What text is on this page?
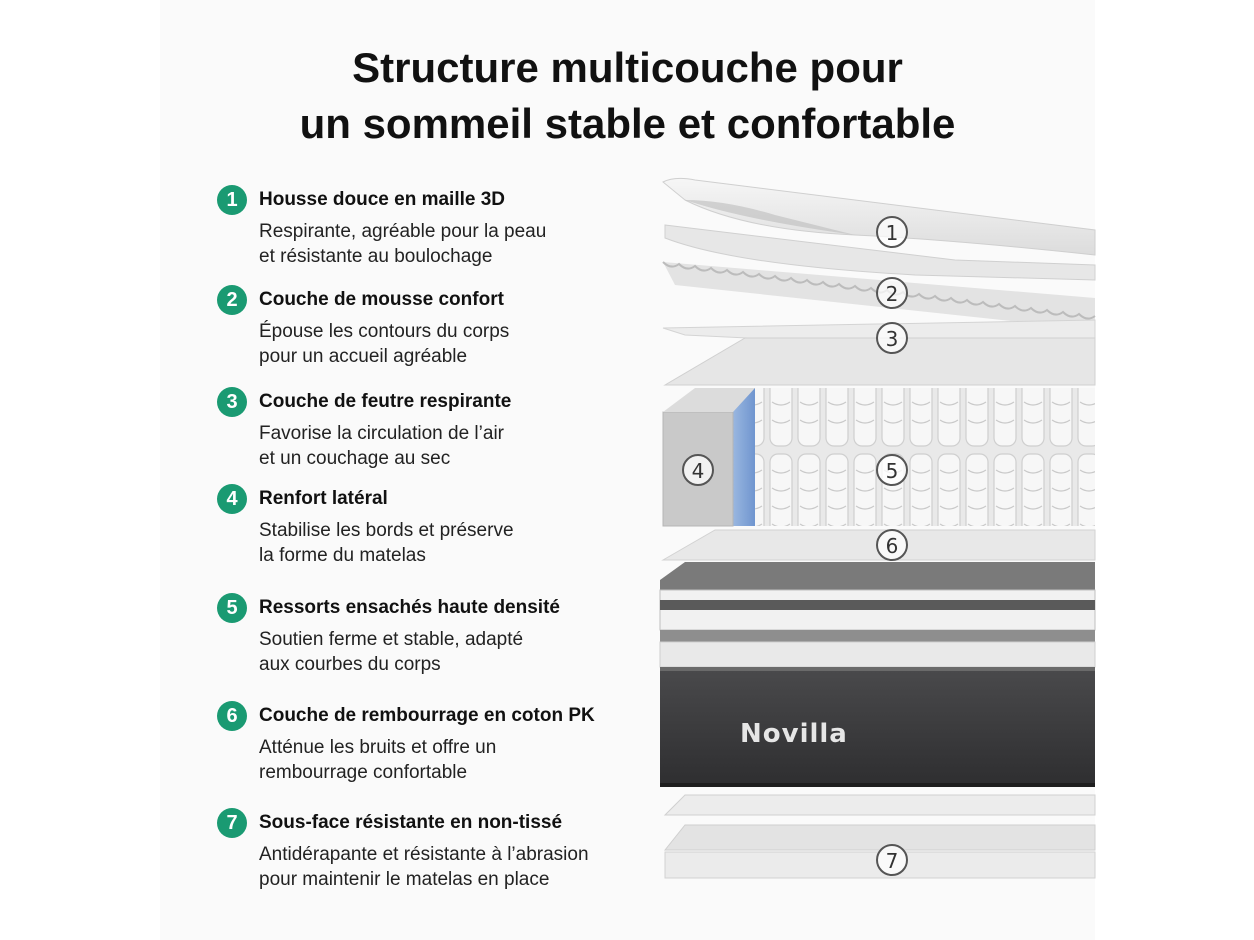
Structure multicouche pour
un sommeil stable et confortable
1	Housse douce en maille 3D
Respirante, agréable pour la peau
et résistante au boulochage
2	Couche de mousse confort
Épouse les contours du corps
pour un accueil agréable
3	Couche de feutre respirante
Favorise la circulation de l’air
et un couchage au sec
4	Renfort latéral
Stabilise les bords et préserve
la forme du matelas
5	Ressorts ensachés haute densité
Soutien ferme et stable, adapté
aux courbes du corps
6	Couche de rembourrage en coton PK
Atténue les bruits et offre un
rembourrage confortable
7	Sous-face résistante en non-tissé
Antidérapante et résistante à l’abrasion
pour maintenir le matelas en place
Novilla
1
2
3
4	5
6
7
